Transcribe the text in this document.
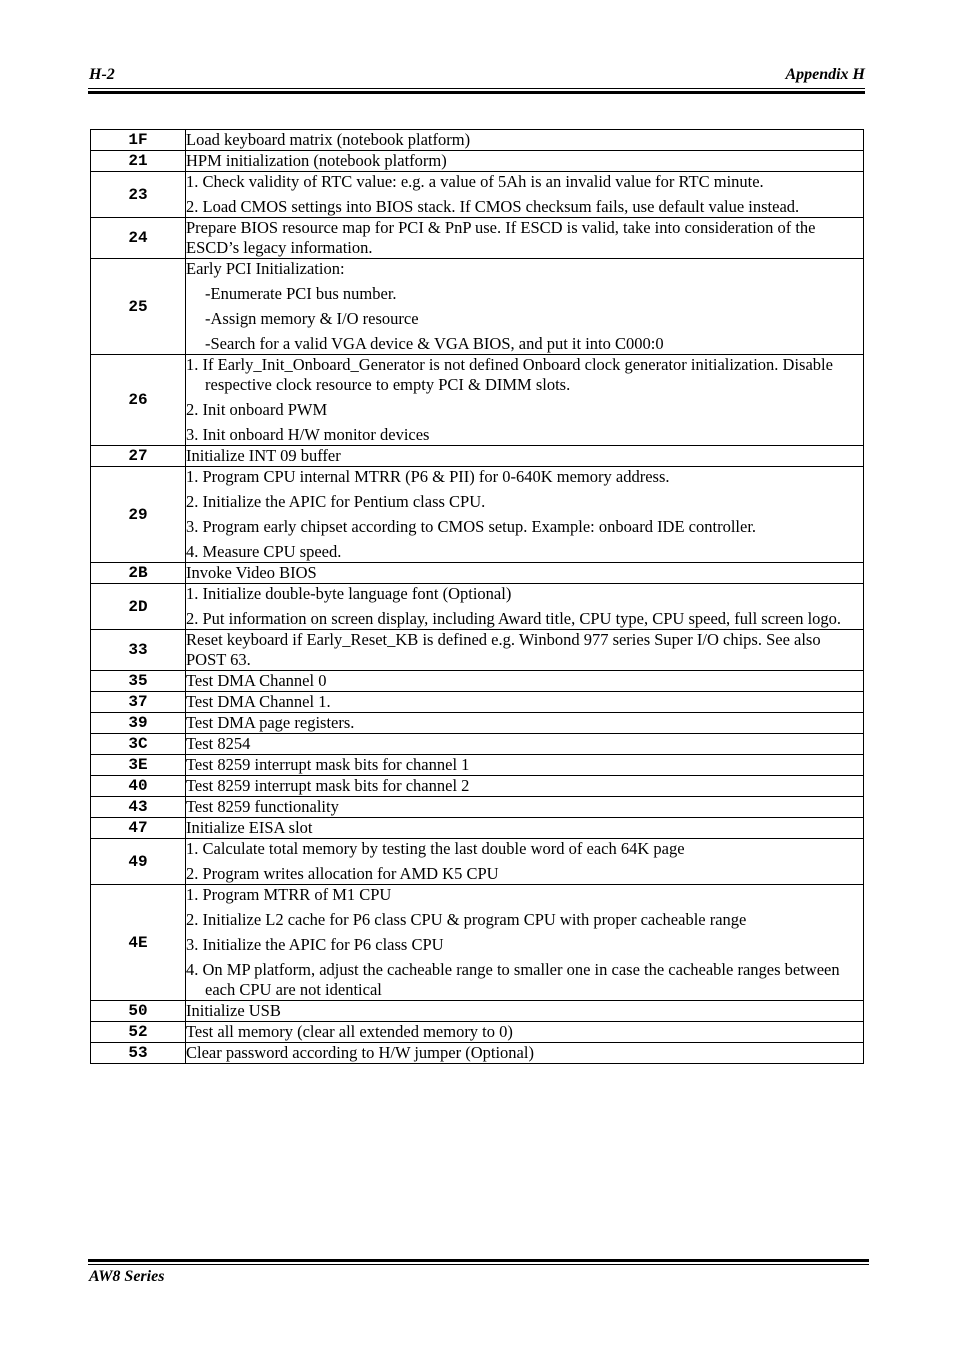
H-2	Appendix H
1F	Load keyboard matrix (notebook platform)

21	HPM initialization (notebook platform)

23	1. Check validity of RTC value: e.g. a value of 5Ah is an invalid value for RTC minute.
2. Load CMOS settings into BIOS stack. If CMOS checksum fails, use default value instead.

24	Prepare BIOS resource map for PCI & PnP use. If ESCD is valid, take into consideration of the ESCD’s legacy information.

25	Early PCI Initialization:
-Enumerate PCI bus number.
-Assign memory & I/O resource
-Search for a valid VGA device & VGA BIOS, and put it into C000:0

26	1. If Early_Init_Onboard_Generator is not defined Onboard clock generator initialization. Disable respective clock resource to empty PCI & DIMM slots.
2. Init onboard PWM
3. Init onboard H/W monitor devices

27	Initialize INT 09 buffer

29	1. Program CPU internal MTRR (P6 & PII) for 0-640K memory address.
2. Initialize the APIC for Pentium class CPU.
3. Program early chipset according to CMOS setup. Example: onboard IDE controller.
4. Measure CPU speed.

2B	Invoke Video BIOS

2D	1. Initialize double-byte language font (Optional)
2. Put information on screen display, including Award title, CPU type, CPU speed, full screen logo.

33	Reset keyboard if Early_Reset_KB is defined e.g. Winbond 977 series Super I/O chips. See also POST 63.

35	Test DMA Channel 0

37	Test DMA Channel 1.

39	Test DMA page registers.

3C	Test 8254

3E	Test 8259 interrupt mask bits for channel 1

40	Test 8259 interrupt mask bits for channel 2

43	Test 8259 functionality

47	Initialize EISA slot

49	1. Calculate total memory by testing the last double word of each 64K page
2. Program writes allocation for AMD K5 CPU

4E	1. Program MTRR of M1 CPU
2. Initialize L2 cache for P6 class CPU & program CPU with proper cacheable range
3. Initialize the APIC for P6 class CPU
4. On MP platform, adjust the cacheable range to smaller one in case the cacheable ranges between each CPU are not identical

50	Initialize USB

52	Test all memory (clear all extended memory to 0)

53	Clear password according to H/W jumper (Optional)
AW8 Series
